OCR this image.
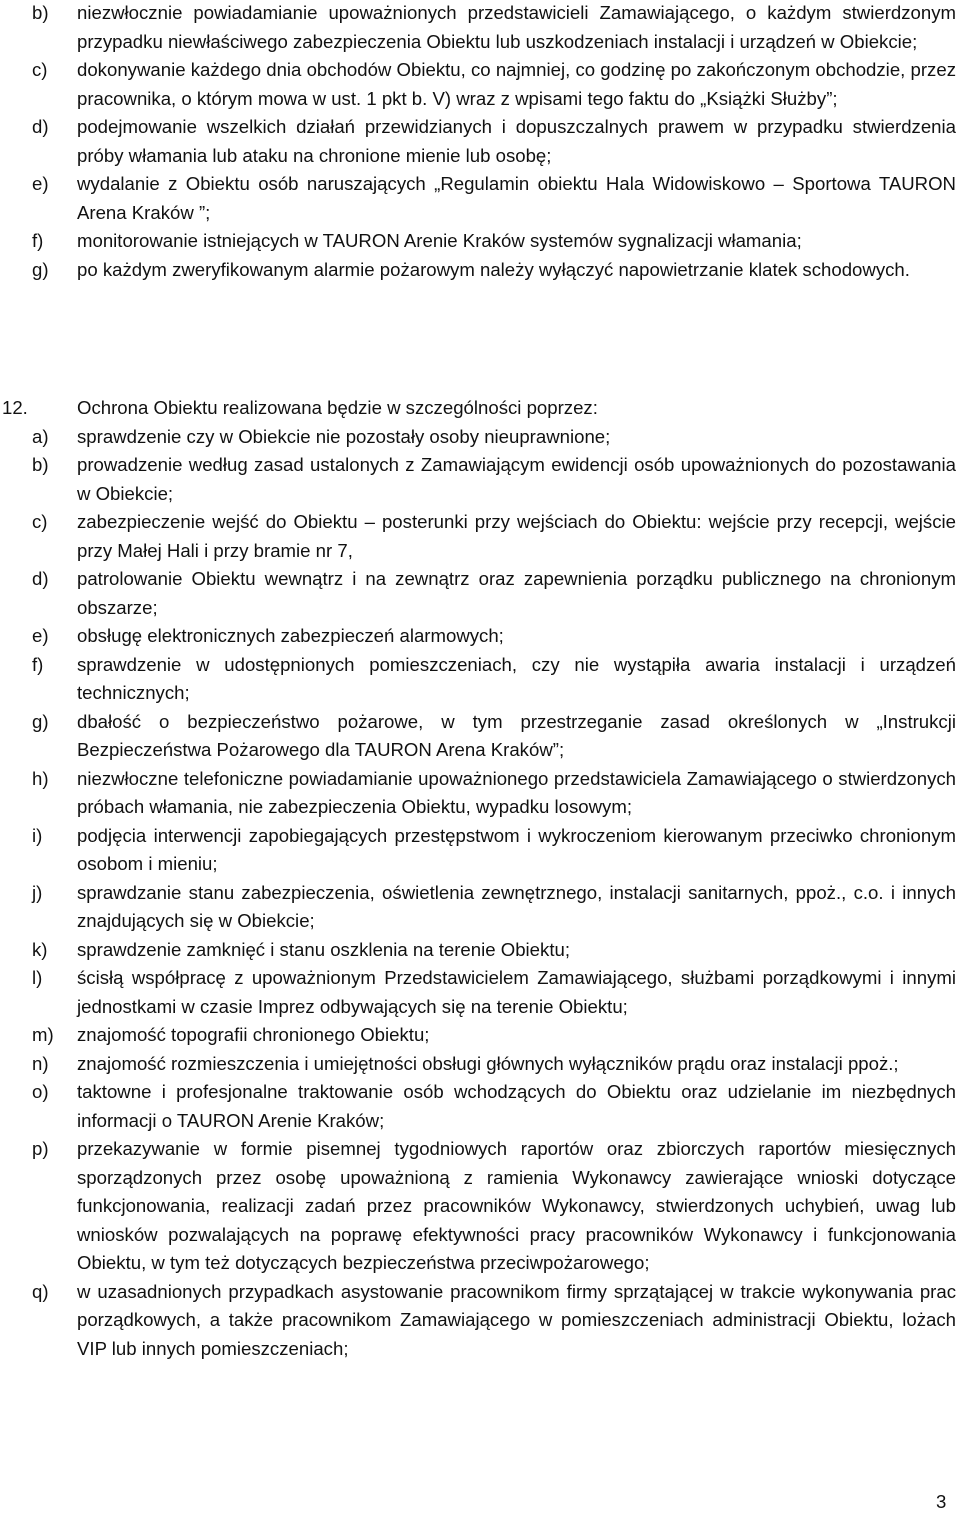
b) niezwłocznie powiadamianie upoważnionych przedstawicieli Zamawiającego, o każdym stwierdzonym przypadku niewłaściwego zabezpieczenia Obiektu lub uszkodzeniach instalacji i urządzeń w Obiekcie;
c) dokonywanie każdego dnia obchodów Obiektu, co najmniej, co godzinę po zakończonym obchodzie, przez pracownika, o którym mowa w ust. 1 pkt b. V) wraz z wpisami tego faktu do „Książki Służby”;
d) podejmowanie wszelkich działań przewidzianych i dopuszczalnych prawem w przypadku stwierdzenia próby włamania lub ataku na chronione mienie lub osobę;
e) wydalanie z Obiektu osób naruszających „Regulamin obiektu Hala Widowiskowo – Sportowa TAURON Arena Kraków ”;
f) monitorowanie istniejących w TAURON Arenie Kraków systemów sygnalizacji włamania;
g) po każdym zweryfikowanym alarmie pożarowym należy wyłączyć napowietrzanie klatek schodowych.
12.	Ochrona Obiektu realizowana będzie w szczególności poprzez:
a) sprawdzenie czy w Obiekcie nie pozostały osoby nieuprawnione;
b) prowadzenie według zasad ustalonych z Zamawiającym ewidencji osób upoważnionych do pozostawania w Obiekcie;
c) zabezpieczenie wejść do Obiektu – posterunki przy wejściach do Obiektu: wejście przy recepcji, wejście przy Małej Hali i przy bramie nr 7,
d) patrolowanie Obiektu wewnątrz i na zewnątrz oraz zapewnienia porządku publicznego na chronionym obszarze;
e) obsługę elektronicznych zabezpieczeń alarmowych;
f) sprawdzenie w udostępnionych pomieszczeniach, czy nie wystąpiła awaria instalacji i urządzeń technicznych;
g) dbałość o bezpieczeństwo pożarowe, w tym przestrzeganie zasad określonych w „Instrukcji Bezpieczeństwa Pożarowego dla TAURON Arena Kraków”;
h) niezwłoczne telefoniczne powiadamianie upoważnionego przedstawiciela Zamawiającego o stwierdzonych próbach włamania, nie zabezpieczenia Obiektu, wypadku losowym;
i) podjęcia interwencji zapobiegających przestępstwom i wykroczeniom kierowanym przeciwko chronionym osobom i mieniu;
j) sprawdzanie stanu zabezpieczenia, oświetlenia zewnętrznego, instalacji sanitarnych, ppoż., c.o. i innych znajdujących się w Obiekcie;
k) sprawdzenie zamknięć i stanu oszklenia na terenie Obiektu;
l) ścisłą współpracę z upoważnionym Przedstawicielem Zamawiającego, służbami porządkowymi i innymi jednostkami w czasie Imprez odbywających się na terenie Obiektu;
m) znajomość topografii chronionego Obiektu;
n) znajomość rozmieszczenia i umiejętności obsługi głównych wyłączników prądu oraz instalacji ppoż.;
o) taktowne i profesjonalne traktowanie osób wchodzących do Obiektu oraz udzielanie im niezbędnych informacji o TAURON Arenie Kraków;
p) przekazywanie w formie pisemnej tygodniowych raportów oraz zbiorczych raportów miesięcznych sporządzonych przez osobę upoważnioną z ramienia Wykonawcy zawierające wnioski dotyczące funkcjonowania, realizacji zadań przez pracowników Wykonawcy, stwierdzonych uchybień, uwag lub wniosków pozwalających na poprawę efektywności pracy pracowników Wykonawcy i funkcjonowania Obiektu, w tym też dotyczących bezpieczeństwa przeciwpożarowego;
q) w uzasadnionych przypadkach asystowanie pracownikom firmy sprzątającej w trakcie wykonywania prac porządkowych, a także pracownikom Zamawiającego w pomieszczeniach administracji Obiektu, lożach VIP lub innych pomieszczeniach;
3
